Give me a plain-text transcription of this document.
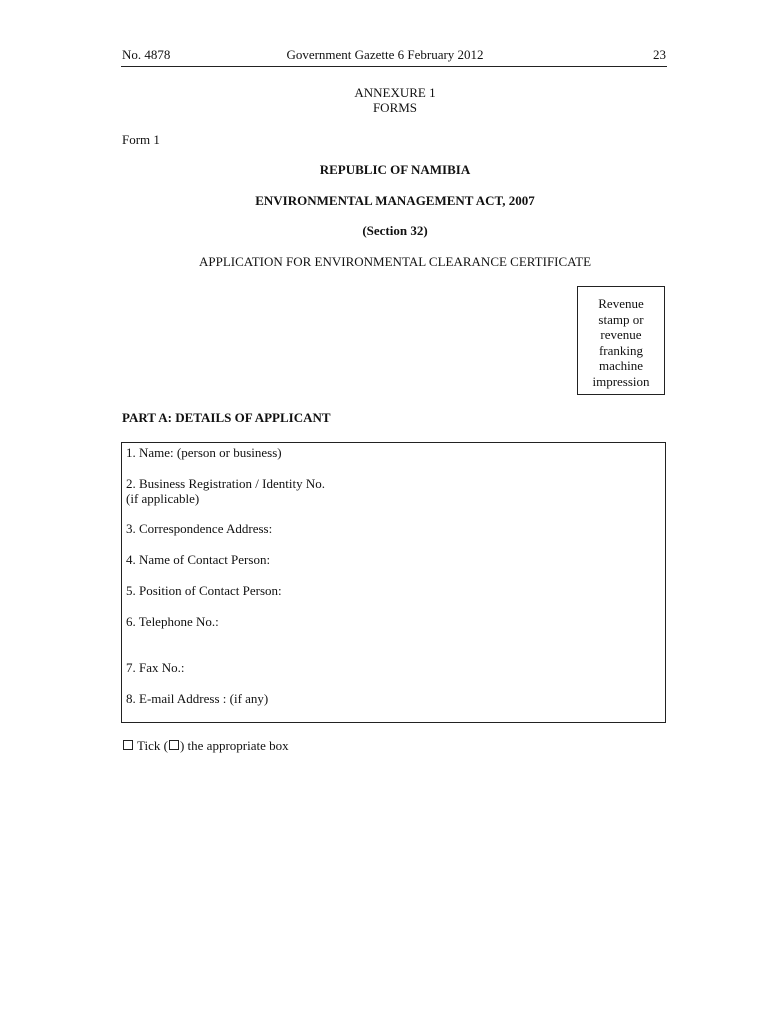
No. 4878	Government Gazette 6 February 2012	23
ANNEXURE 1
FORMS
Form 1
REPUBLIC OF NAMIBIA
ENVIRONMENTAL MANAGEMENT ACT, 2007
(Section 32)
APPLICATION FOR ENVIRONMENTAL CLEARANCE CERTIFICATE
Revenue
stamp or
revenue
franking
machine
impression
PART A: DETAILS OF APPLICANT
1. Name: (person or business)
2. Business Registration / Identity No.
(if applicable)
3. Correspondence Address:
4. Name of Contact Person:
5. Position of Contact Person:
6. Telephone No.:
7. Fax No.:
8. E-mail Address : (if any)
Tick ( ) the appropriate box
